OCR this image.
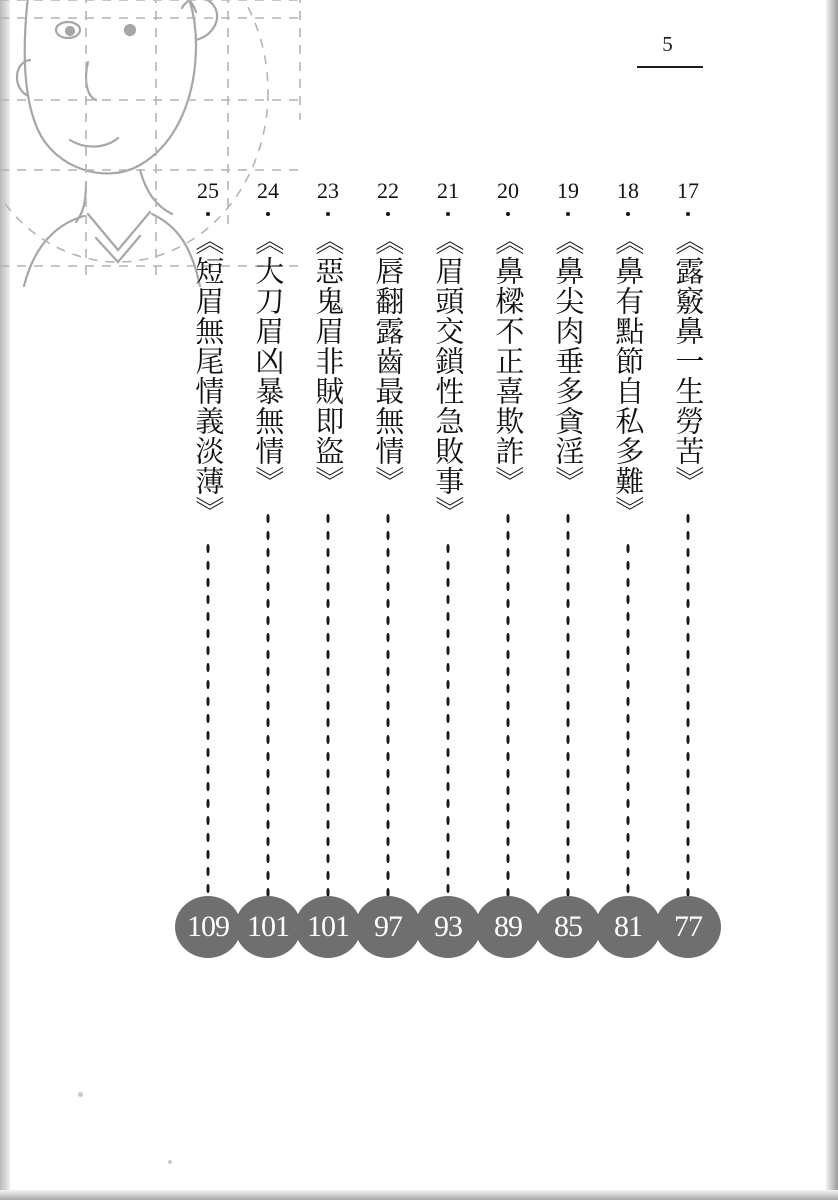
5
17
《露竅鼻一生勞苦》
77
18
《鼻有點節自私多難》
81
19
《鼻尖肉垂多貪淫》
85
20
《鼻樑不正喜欺詐》
89
21
《眉頭交鎖性急敗事》
93
22
《唇翻露齒最無情》
97
23
《惡鬼眉非賊即盜》
101
24
《大刀眉凶暴無情》
101
25
《短眉無尾情義淡薄》
109
